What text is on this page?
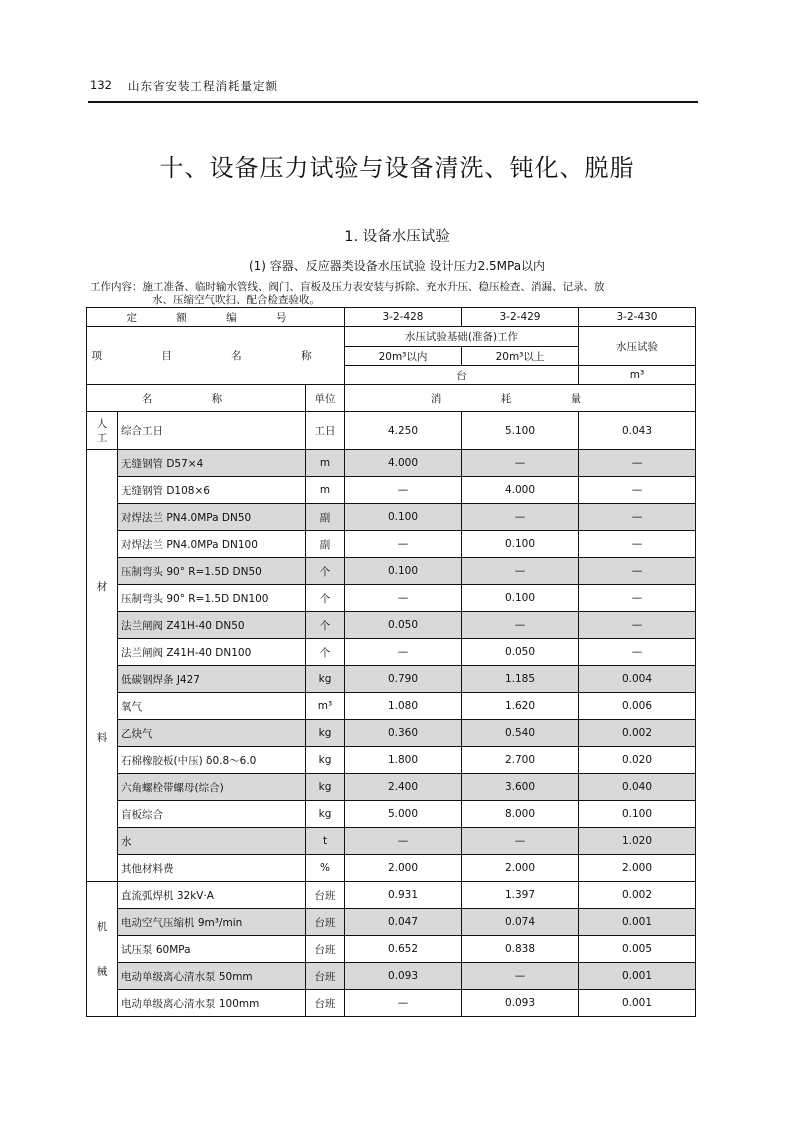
132 山东省安装工程消耗量定额
十、设备压力试验与设备清洗、钝化、脱脂
1. 设备水压试验
(1) 容器、反应器类设备水压试验 设计压力2.5MPa以内
工作内容：施工准备、临时输水管线、阀门、盲板及压力表安装与拆除、充水升压、稳压检查、消漏、记录、放
水、压缩空气吹扫、配合检查验收。
定 额 编 号			3-2-428	3-2-429	3-2-430
项 目 名 称			水压试验基础(准备)工作		水压试验
			20m³以内	20m³以上	
			台		m³
名 称		单位	消 耗 量		
人工	综合工日	工日	4.250	5.100	0.043

材
料	无缝钢管 D57×4	m	4.000	—	—
	无缝钢管 D108×6	m	—	4.000	—
	对焊法兰 PN4.0MPa DN50	副	0.100	—	—
	对焊法兰 PN4.0MPa DN100	副	—	0.100	—
	压制弯头 90° R=1.5D DN50	个	0.100	—	—
	压制弯头 90° R=1.5D DN100	个	—	0.100	—
	法兰闸阀 Z41H-40 DN50	个	0.050	—	—
	法兰闸阀 Z41H-40 DN100	个	—	0.050	—
	低碳钢焊条 J427	kg	0.790	1.185	0.004
	氧气	m³	1.080	1.620	0.006
	乙炔气	kg	0.360	0.540	0.002
	石棉橡胶板(中压) δ0.8～6.0	kg	1.800	2.700	0.020
	六角螺栓带螺母(综合)	kg	2.400	3.600	0.040
	盲板综合	kg	5.000	8.000	0.100
	水	t	—	—	1.020
	其他材料费	%	2.000	2.000	2.000

机
械	直流弧焊机 32kV·A	台班	0.931	1.397	0.002
	电动空气压缩机 9m³/min	台班	0.047	0.074	0.001
	试压泵 60MPa	台班	0.652	0.838	0.005
	电动单级离心清水泵 50mm	台班	0.093	—	0.001
	电动单级离心清水泵 100mm	台班	—	0.093	0.001
